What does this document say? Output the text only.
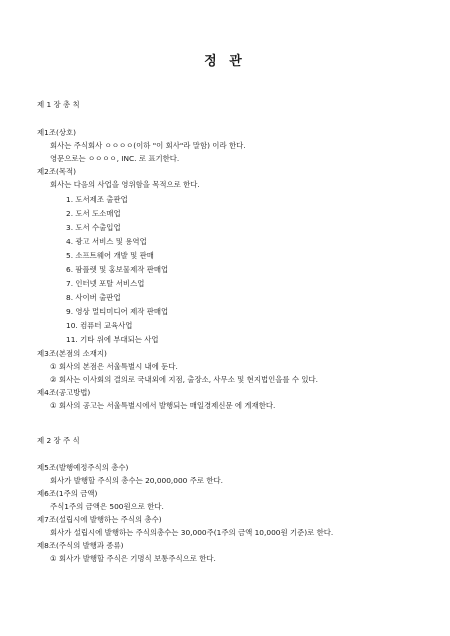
정 관
제 1 장 총 칙
제1조(상호)
회사는 주식회사 ㅇㅇㅇㅇ(이하 "이 회사"라 말함) 이라 한다.
영문으로는 ㅇㅇㅇㅇ, INC. 로 표기한다.
제2조(목적)
회사는 다음의 사업을 영위함을 목적으로 한다.
1. 도서제조 출판업
2. 도서 도소매업
3. 도서 수출입업
4. 광고 서비스 및 용역업
5. 소프트웨어 개발 및 판매
6. 팜플렛 및 홍보물제작 판매업
7. 인터넷 포탈 서비스업
8. 사이버 출판업
9. 영상 멀티미디어 제작 판매업
10. 컴퓨터 교육사업
11. 기타 위에 부대되는 사업
제3조(본점의 소재지)
① 회사의 본점은 서울특별시 내에 둔다.
② 회사는 이사회의 결의로 국내외에 지점, 출장소, 사무소 및 현지법인을를 수 있다.
제4조(공고방법)
① 회사의 공고는 서울특별시에서 발행되는 매일경제신문 에 게재한다.
제 2 장 주 식
제5조(발행예정주식의 총수)
회사가 발행할 주식의 총수는 20,000,000 주로 한다.
제6조(1주의 금액)
주식1주의 금액은 500원으로 한다.
제7조(설립시에 발행하는 주식의 총수)
회사가 설립시에 발행하는 주식의총수는 30,000주(1주의 금액 10,000원 기준)로 한다.
제8조(주식의 발행과 종류)
① 회사가 발행할 주식은 기명식 보통주식으로 한다.
